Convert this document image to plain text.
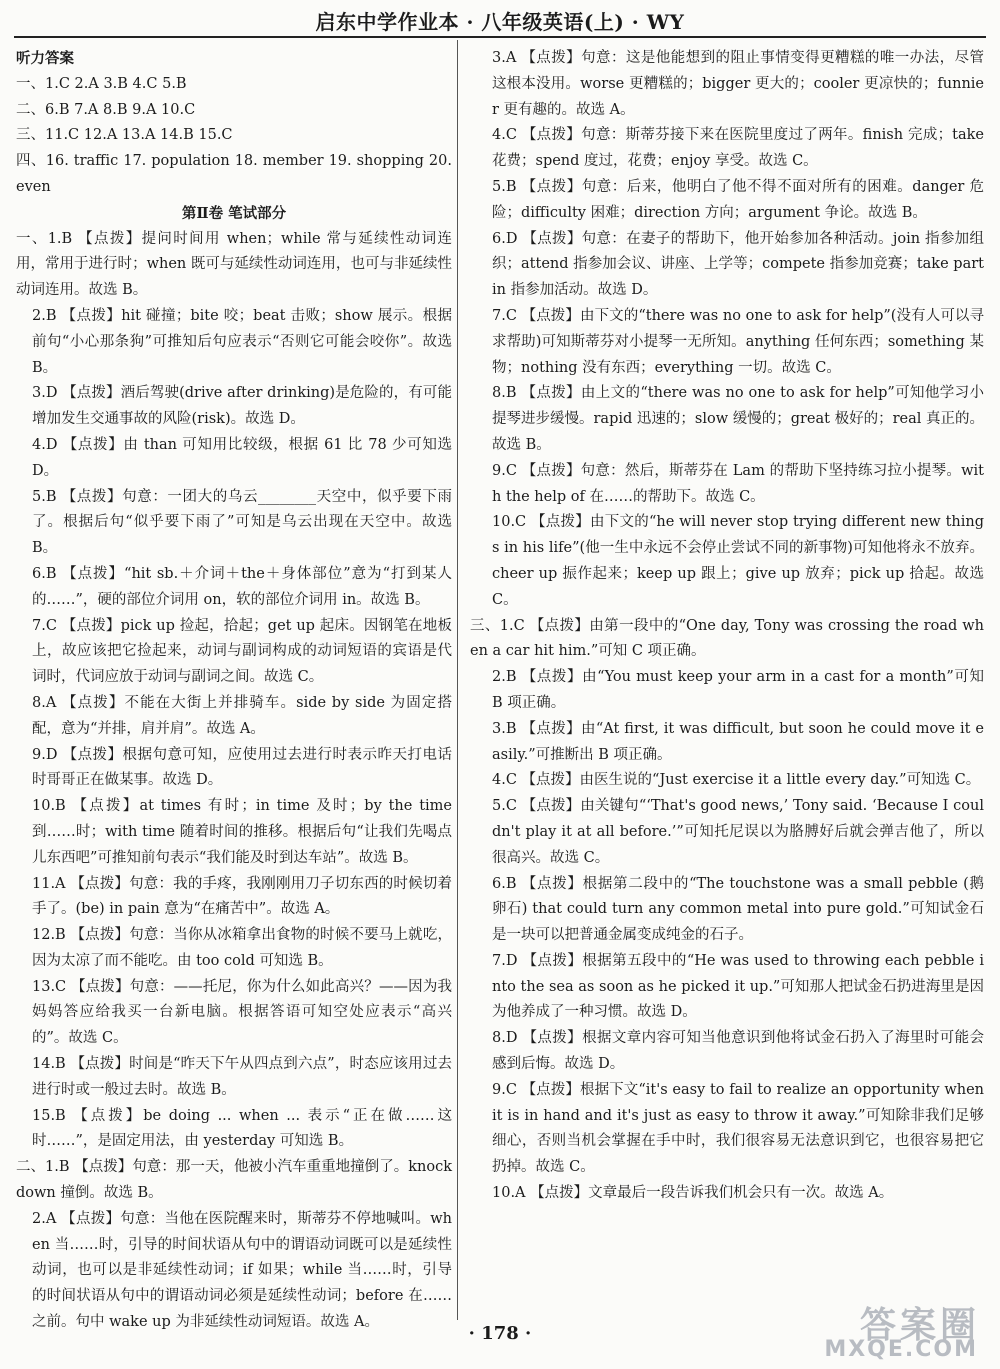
启东中学作业本 · 八年级英语(上) · WY

听力答案

一、1.C 2.A 3.B 4.C 5.B

二、6.B 7.A 8.B 9.A 10.C

三、11.C 12.A 13.A 14.B 15.C

四、16. traffic 17. population 18. member 19. shopping 20. even

第Ⅱ卷 笔试部分

一、1.B 【点拨】提问时间用 when；while 常与延续性动词连用，常用于进行时；when 既可与延续性动词连用，也可与非延续性动词连用。故选 B。

2.B 【点拨】hit 碰撞；bite 咬；beat 击败；show 展示。根据前句“小心那条狗”可推知后句应表示“否则它可能会咬你”。故选 B。

3.D 【点拨】酒后驾驶(drive after drinking)是危险的，有可能增加发生交通事故的风险(risk)。故选 D。

4.D 【点拨】由 than 可知用比较级，根据 61 比 78 少可知选 D。

5.B 【点拨】句意：一团大的乌云________天空中，似乎要下雨了。根据后句“似乎要下雨了”可知是乌云出现在天空中。故选 B。

6.B 【点拨】“hit sb.＋介词＋the＋身体部位”意为“打到某人的……”，硬的部位介词用 on，软的部位介词用 in。故选 B。

7.C 【点拨】pick up 捡起，拾起；get up 起床。因钢笔在地板上，故应该把它捡起来，动词与副词构成的动词短语的宾语是代词时，代词应放于动词与副词之间。故选 C。

8.A 【点拨】不能在大街上并排骑车。side by side 为固定搭配，意为“并排，肩并肩”。故选 A。

9.D 【点拨】根据句意可知，应使用过去进行时表示昨天打电话时哥哥正在做某事。故选 D。

10.B 【点拨】at times 有时；in time 及时；by the time 到……时；with time 随着时间的推移。根据后句“让我们先喝点儿东西吧”可推知前句表示“我们能及时到达车站”。故选 B。

11.A 【点拨】句意：我的手疼，我刚刚用刀子切东西的时候切着手了。(be) in pain 意为“在痛苦中”。故选 A。

12.B 【点拨】句意：当你从冰箱拿出食物的时候不要马上就吃，因为太凉了而不能吃。由 too cold 可知选 B。

13.C 【点拨】句意：——托尼，你为什么如此高兴？——因为我妈妈答应给我买一台新电脑。根据答语可知空处应表示“高兴的”。故选 C。

14.B 【点拨】时间是“昨天下午从四点到六点”，时态应该用过去进行时或一般过去时。故选 B。

15.B 【点拨】be doing ... when ... 表示“正在做……这时……”，是固定用法，由 yesterday 可知选 B。

二、1.B 【点拨】句意：那一天，他被小汽车重重地撞倒了。knock down 撞倒。故选 B。

2.A 【点拨】句意：当他在医院醒来时，斯蒂芬不停地喊叫。when 当……时，引导的时间状语从句中的谓语动词既可以是延续性动词，也可以是非延续性动词；if 如果；while 当……时，引导的时间状语从句中的谓语动词必须是延续性动词；before 在……之前。句中 wake up 为非延续性动词短语。故选 A。

3.A 【点拨】句意：这是他能想到的阻止事情变得更糟糕的唯一办法，尽管这根本没用。worse 更糟糕的；bigger 更大的；cooler 更凉快的；funnier 更有趣的。故选 A。

4.C 【点拨】句意：斯蒂芬接下来在医院里度过了两年。finish 完成；take 花费；spend 度过，花费；enjoy 享受。故选 C。

5.B 【点拨】句意：后来，他明白了他不得不面对所有的困难。danger 危险；difficulty 困难；direction 方向；argument 争论。故选 B。

6.D 【点拨】句意：在妻子的帮助下，他开始参加各种活动。join 指参加组织；attend 指参加会议、讲座、上学等；compete 指参加竞赛；take part in 指参加活动。故选 D。

7.C 【点拨】由下文的“there was no one to ask for help”(没有人可以寻求帮助)可知斯蒂芬对小提琴一无所知。anything 任何东西；something 某物；nothing 没有东西；everything 一切。故选 C。

8.B 【点拨】由上文的“there was no one to ask for help”可知他学习小提琴进步缓慢。rapid 迅速的；slow 缓慢的；great 极好的；real 真正的。故选 B。

9.C 【点拨】句意：然后，斯蒂芬在 Lam 的帮助下坚持练习拉小提琴。with the help of 在……的帮助下。故选 C。

10.C 【点拨】由下文的“he will never stop trying different new things in his life”(他一生中永远不会停止尝试不同的新事物)可知他将永不放弃。cheer up 振作起来；keep up 跟上；give up 放弃；pick up 拾起。故选 C。

三、1.C 【点拨】由第一段中的“One day, Tony was crossing the road when a car hit him.”可知 C 项正确。

2.B 【点拨】由“You must keep your arm in a cast for a month”可知 B 项正确。

3.B 【点拨】由“At first, it was difficult, but soon he could move it easily.”可推断出 B 项正确。

4.C 【点拨】由医生说的“Just exercise it a little every day.”可知选 C。

5.C 【点拨】由关键句“‘That's good news,’ Tony said. ‘Because I couldn't play it at all before.’”可知托尼误以为胳膊好后就会弹吉他了，所以很高兴。故选 C。

6.B 【点拨】根据第二段中的“The touchstone was a small pebble (鹅卵石) that could turn any common metal into pure gold.”可知试金石是一块可以把普通金属变成纯金的石子。

7.D 【点拨】根据第五段中的“He was used to throwing each pebble into the sea as soon as he picked it up.”可知那人把试金石扔进海里是因为他养成了一种习惯。故选 D。

8.D 【点拨】根据文章内容可知当他意识到他将试金石扔入了海里时可能会感到后悔。故选 D。

9.C 【点拨】根据下文“it's easy to fail to realize an opportunity when it is in hand and it's just as easy to throw it away.”可知除非我们足够细心，否则当机会掌握在手中时，我们很容易无法意识到它，也很容易把它扔掉。故选 C。

10.A 【点拨】文章最后一段告诉我们机会只有一次。故选 A。

· 178 ·	答案圈
MXQE.COM
